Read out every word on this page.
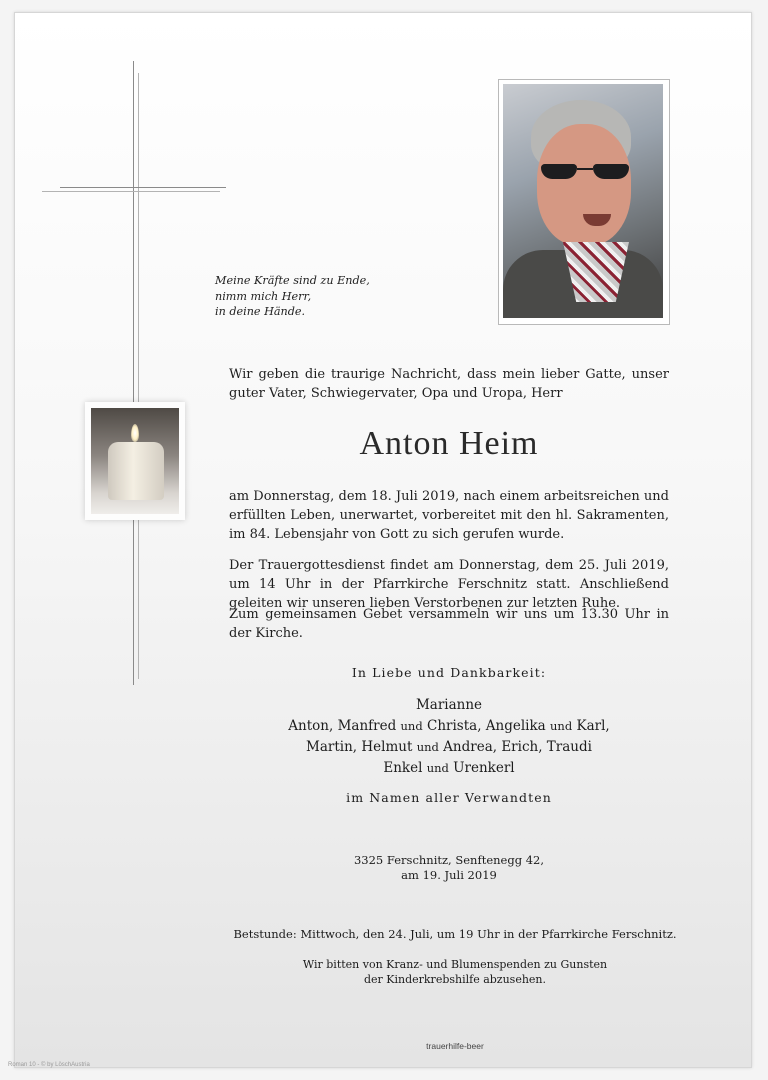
Meine Kräfte sind zu Ende,
nimm mich Herr,
in deine Hände.
Wir geben die traurige Nachricht, dass mein lieber Gatte, unser guter Vater, Schwiegervater, Opa und Uropa, Herr
Anton Heim
am Donnerstag, dem 18. Juli 2019, nach einem arbeitsreichen und erfüllten Leben, unerwartet, vorbereitet mit den hl. Sakramenten, im 84. Lebensjahr von Gott zu sich gerufen wurde.
Der Trauergottesdienst findet am Donnerstag, dem 25. Juli 2019, um 14 Uhr in der Pfarrkirche Ferschnitz statt. Anschließend geleiten wir unseren lieben Verstorbenen zur letzten Ruhe.
Zum gemeinsamen Gebet versammeln wir uns um 13.30 Uhr in der Kirche.
In Liebe und Dankbarkeit:
Marianne
Anton, Manfred und Christa, Angelika und Karl,
Martin, Helmut und Andrea, Erich, Traudi
Enkel und Urenkerl
im Namen aller Verwandten
3325 Ferschnitz, Senftenegg 42,
am 19. Juli 2019
Betstunde: Mittwoch, den 24. Juli, um 19 Uhr in der Pfarrkirche Ferschnitz.
Wir bitten von Kranz- und Blumenspenden zu Gunsten
der Kinderkrebshilfe abzusehen.
trauerhilfe-beer
Roman 10 - © by LöschAustria
